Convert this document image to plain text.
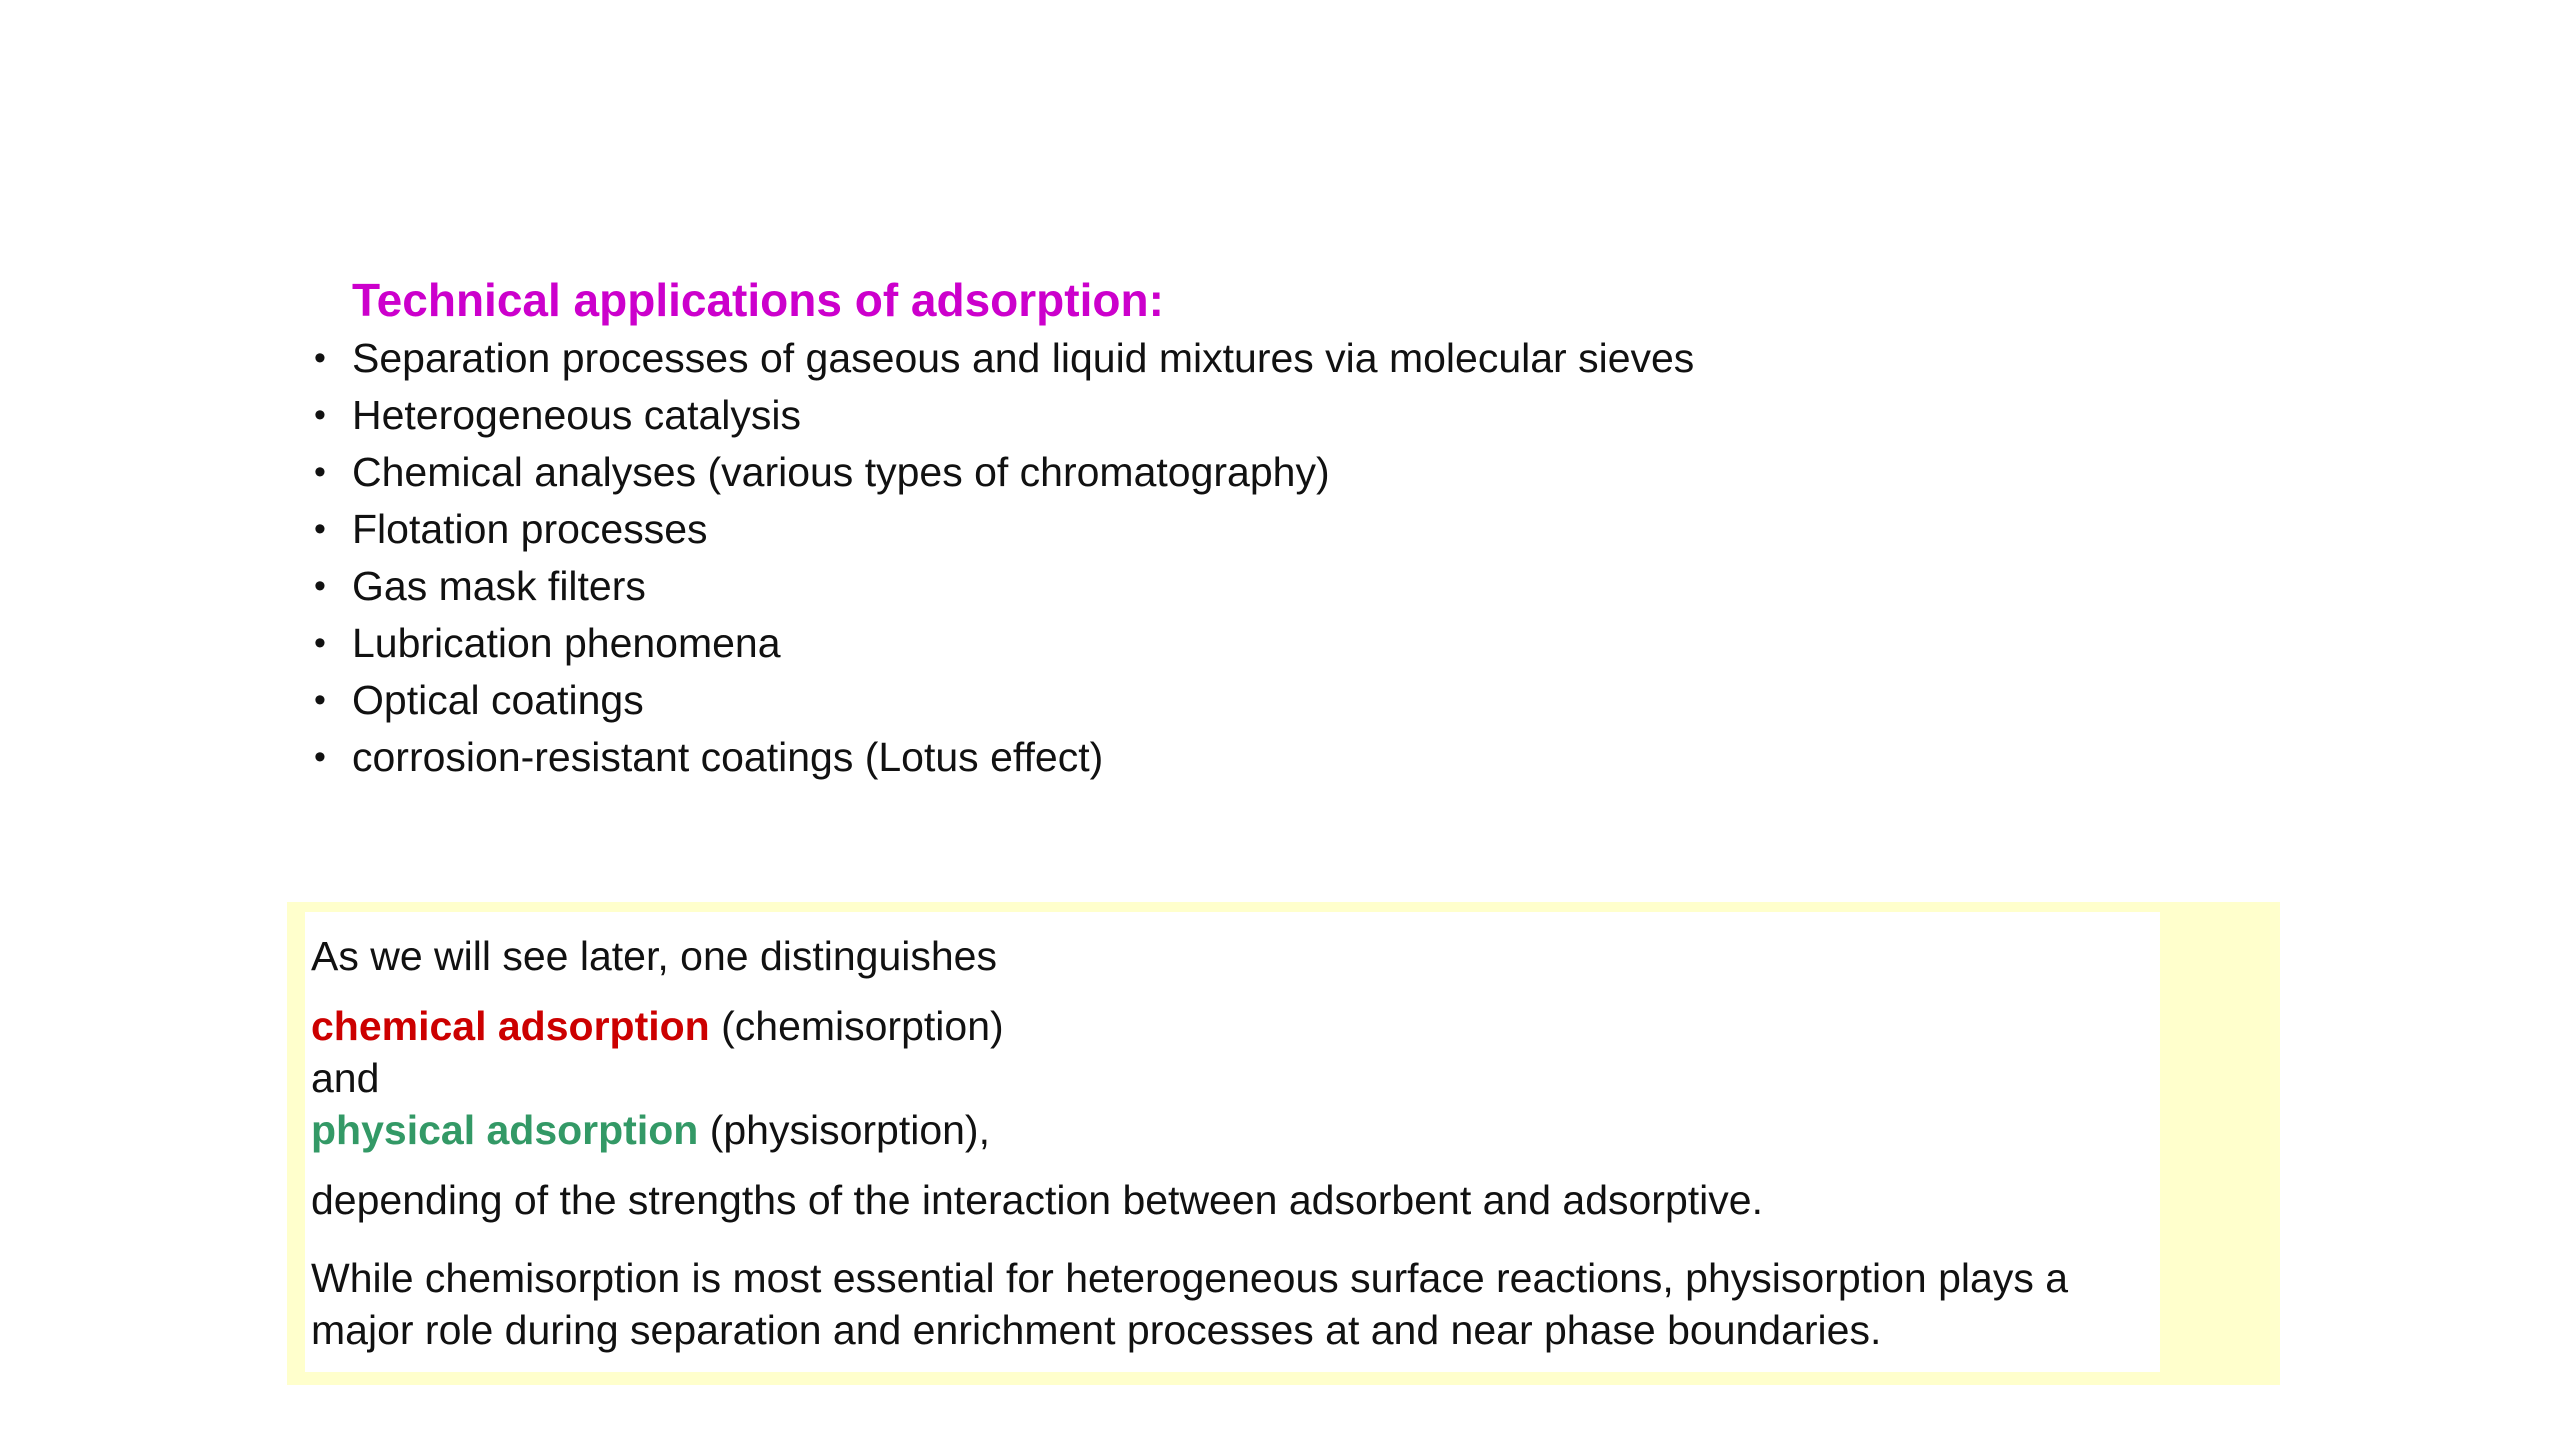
Technical applications of adsorption:
• Separation processes of gaseous and liquid mixtures via molecular sieves
• Heterogeneous catalysis
• Chemical analyses (various types of chromatography)
• Flotation processes
• Gas mask filters
• Lubrication phenomena
• Optical coatings
• corrosion-resistant coatings (Lotus effect)

As we will see later, one distinguishes

chemical adsorption (chemisorption)

and

physical adsorption (physisorption),

depending of the strengths of the interaction between adsorbent and adsorptive.

While chemisorption is most essential for heterogeneous surface reactions, physisorption plays a

major role during separation and enrichment processes at and near phase boundaries.
